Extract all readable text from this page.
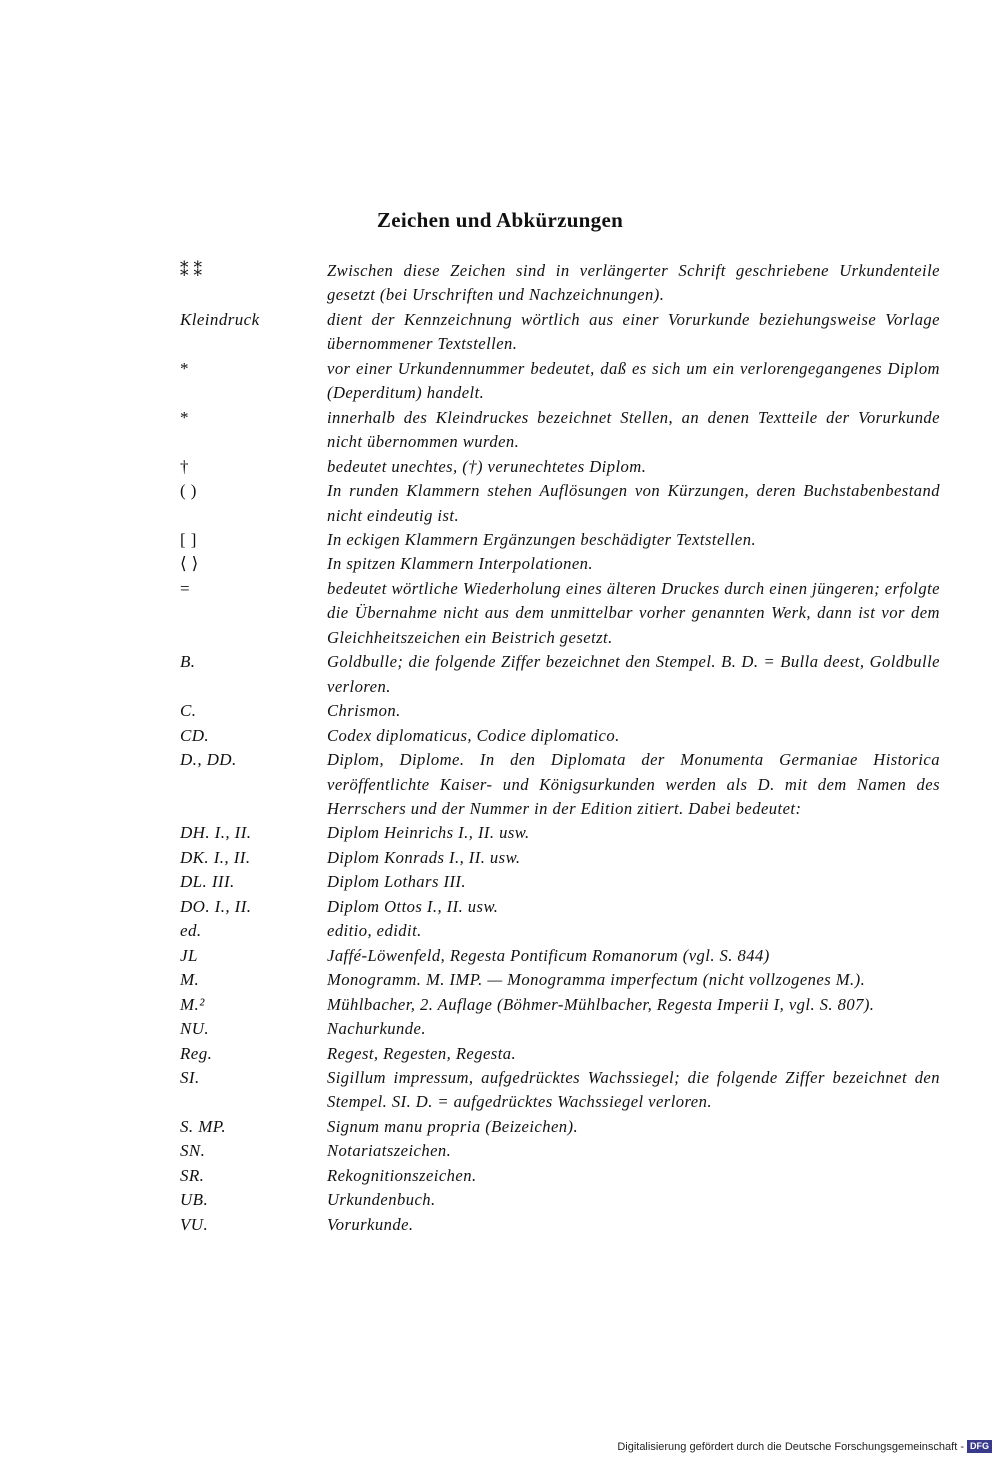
Zeichen und Abkürzungen
⁑ ⁑	Zwischen diese Zeichen sind in verlängerter Schrift geschriebene Urkundenteile gesetzt (bei Urschriften und Nachzeichnungen).
Kleindruck	dient der Kennzeichnung wörtlich aus einer Vorurkunde beziehungsweise Vorlage übernommener Textstellen.
*	vor einer Urkundennummer bedeutet, daß es sich um ein verlorengegangenes Diplom (Deperditum) handelt.
*	innerhalb des Kleindruckes bezeichnet Stellen, an denen Textteile der Vorurkunde nicht übernommen wurden.
†	bedeutet unechtes, (†) verunechtetes Diplom.
( )	In runden Klammern stehen Auflösungen von Kürzungen, deren Buchstabenbestand nicht eindeutig ist.
[ ]	In eckigen Klammern Ergänzungen beschädigter Textstellen.
⟨ ⟩	In spitzen Klammern Interpolationen.
=	bedeutet wörtliche Wiederholung eines älteren Druckes durch einen jüngeren; erfolgte die Übernahme nicht aus dem unmittelbar vorher genannten Werk, dann ist vor dem Gleichheitszeichen ein Beistrich gesetzt.
B.	Goldbulle; die folgende Ziffer bezeichnet den Stempel. B. D. = Bulla deest, Goldbulle verloren.
C.	Chrismon.
CD.	Codex diplomaticus, Codice diplomatico.
D., DD.	Diplom, Diplome. In den Diplomata der Monumenta Germaniae Historica veröffentlichte Kaiser- und Königsurkunden werden als D. mit dem Namen des Herrschers und der Nummer in der Edition zitiert. Dabei bedeutet:
DH. I., II.	Diplom Heinrichs I., II. usw.
DK. I., II.	Diplom Konrads I., II. usw.
DL. III.	Diplom Lothars III.
DO. I., II.	Diplom Ottos I., II. usw.
ed.	editio, edidit.
JL	Jaffé-Löwenfeld, Regesta Pontificum Romanorum (vgl. S. 844)
M.	Monogramm. M. IMP. — Monogramma imperfectum (nicht vollzogenes M.).
M.²	Mühlbacher, 2. Auflage (Böhmer-Mühlbacher, Regesta Imperii I, vgl. S. 807).
NU.	Nachurkunde.
Reg.	Regest, Regesten, Regesta.
SI.	Sigillum impressum, aufgedrücktes Wachssiegel; die folgende Ziffer bezeichnet den Stempel. SI. D. = aufgedrücktes Wachssiegel verloren.
S. MP.	Signum manu propria (Beizeichen).
SN.	Notariatszeichen.
SR.	Rekognitionszeichen.
UB.	Urkundenbuch.
VU.	Vorurkunde.
Digitalisierung gefördert durch die Deutsche Forschungsgemeinschaft - DFG
